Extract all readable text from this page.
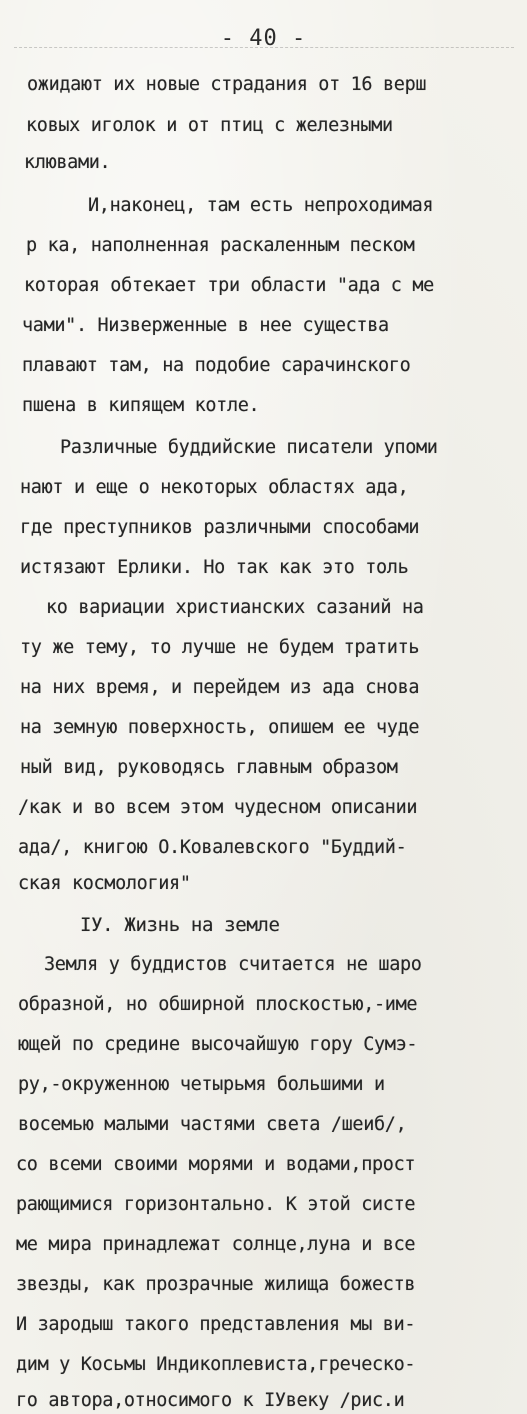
- 40 -
ожидают их новые страдания от 16 верш
ковых иголок и от птиц с железными
клювами.
И,наконец, там есть непроходимая
р ка, наполненная раскаленным песком
которая обтекает три области "ада с ме
чами". Низверженные в нее существа
плавают там, на подобие сарачинского
пшена в кипящем котле.
Различные буддийские писатели упоми
нают и еще о некоторых областях ада,
где преступников различными способами
истязают Ерлики. Но так как это толь
ко вариации христианских сазаний на
ту же тему, то лучше не будем тратить
на них время, и перейдем из ада снова
на земную поверхность, опишем ее чуде
ный вид, руководясь главным образом
/как и во всем этом чудесном описании
ада/, книгою О.Ковалевского "Буддий-
ская космология"
ІУ. Жизнь на земле
Земля у буддистов считается не шаро
образной, но обширной плоскостью,-име
ющей по средине высочайшую гору Сумэ-
ру,-окруженною четырьмя большими и
восемью малыми частями света /шеиб/,
со всеми своими морями и водами,прост
рающимися горизонтально. К этой систе
ме мира принадлежат солнце,луна и все
звезды, как прозрачные жилища божеств
И зародыш такого представления мы ви-
дим у Косьмы Индикоплевиста,греческо-
го автора,относимого к ІУвеку /рис.и
